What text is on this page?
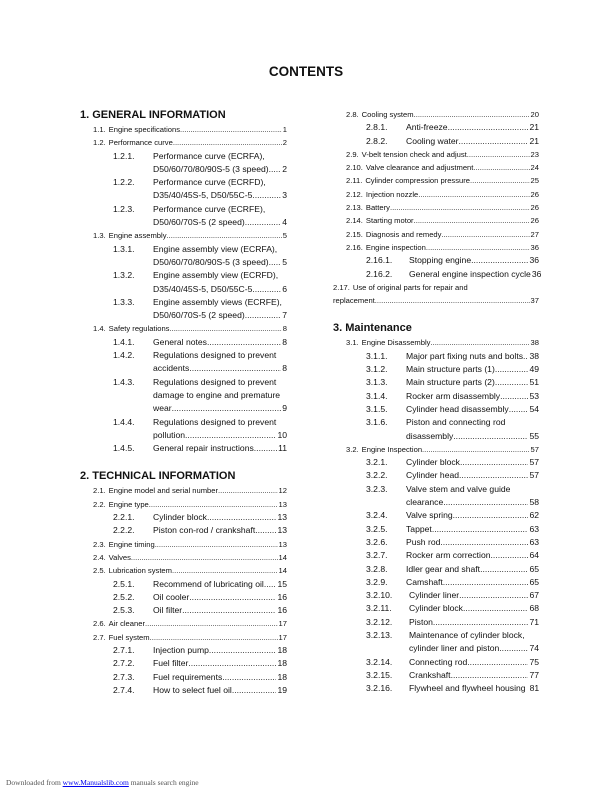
CONTENTS
1. GENERAL INFORMATION
1.1. Engine specifications .....	1
1.2. Performance curve .....	2
1.2.1.	Performance curve (ECRFA),
D50/60/70/80/90S-5 (3 speed) ..... 2
1.2.2.	Performance curve (ECRFD),
D35/40/45S-5, D50/55C-5 .....	3
1.2.3.	Performance curve (ECRFE),
D50/60/70S-5 (2 speed) .....	4
1.3. Engine assembly .....	5
1.3.1.	Engine assembly view (ECRFA),
D50/60/70/80/90S-5 (3 speed) ..... 5
1.3.2.	Engine assembly view (ECRFD),
D35/40/45S-5, D50/55C-5 .....	6
1.3.3.	Engine assembly views (ECRFE),
D50/60/70S-5 (2 speed) .....	7
1.4. Safety regulations .....	8
1.4.1.	General notes .....	8
1.4.2.	Regulations designed to prevent
accidents .....	8
1.4.3.	Regulations designed to prevent
damage to engine and premature
wear .....	9
1.4.4.	Regulations designed to prevent
pollution .....	10
1.4.5.	General repair instructions .....	11
2. TECHNICAL INFORMATION
2.1. Engine model and serial number .....	12
2.2. Engine type .....	13
2.2.1.	Cylinder block .....	13
2.2.2.	Piston con-rod / crankshaft .....	13
2.3. Engine timing .....	13
2.4. Valves .....	14
2.5. Lubrication system .....	14
2.5.1.	Recommend of lubricating oil ..... 15
2.5.2.	Oil cooler .....	16
2.5.3.	Oil filter .....	16
2.6. Air cleaner .....	17
2.7. Fuel system .....	17
2.7.1.	Injection pump .....	18
2.7.2.	Fuel filter .....	18
2.7.3.	Fuel requirements .....	18
2.7.4.	How to select fuel oil .....	19
2.8. Cooling system .....	20
2.8.1.	Anti-freeze .....	21
2.8.2.	Cooling water .....	21
2.9. V-belt tension check and adjust .....	23
2.10. Valve clearance and adjustment .....	24
2.11. Cylinder compression pressure .....	25
2.12. Injection nozzle .....	26
2.13. Battery .....	26
2.14. Starting motor .....	26
2.15. Diagnosis and remedy .....	27
2.16. Engine inspection .....	36
2.16.1.	Stopping engine .....	36
2.16.2.	General engine inspection cycle 36
2.17. Use of original parts for repair and
replacement .....	37
3. Maintenance
3.1. Engine Disassembly .....	38
3.1.1.	Major part fixing nuts and bolts ..... 38
3.1.2.	Main structure parts (1) .....	49
3.1.3.	Main structure parts (2) .....	51
3.1.4.	Rocker arm disassembly .....	53
3.1.5.	Cylinder head disassembly ..... 54
3.1.6.	Piston and connecting rod
disassembly .....	55
3.2. Engine Inspection .....	57
3.2.1.	Cylinder block .....	57
3.2.2.	Cylinder head .....	57
3.2.3.	Valve stem and valve guide
clearance .....	58
3.2.4.	Valve spring .....	62
3.2.5.	Tappet .....	63
3.2.6.	Push rod .....	63
3.2.7.	Rocker arm correction .....	64
3.2.8.	Idler gear and shaft .....	65
3.2.9.	Camshaft .....	65
3.2.10.	Cylinder liner .....	67
3.2.11.	Cylinder block .....	68
3.2.12.	Piston .....	71
3.2.13.	Maintenance of cylinder block,
cylinder liner and piston .....	74
3.2.14.	Connecting rod .....	75
3.2.15.	Crankshaft .....	77
3.2.16.	Flywheel and flywheel housing 81
Downloaded from www.Manualslib.com manuals search engine
